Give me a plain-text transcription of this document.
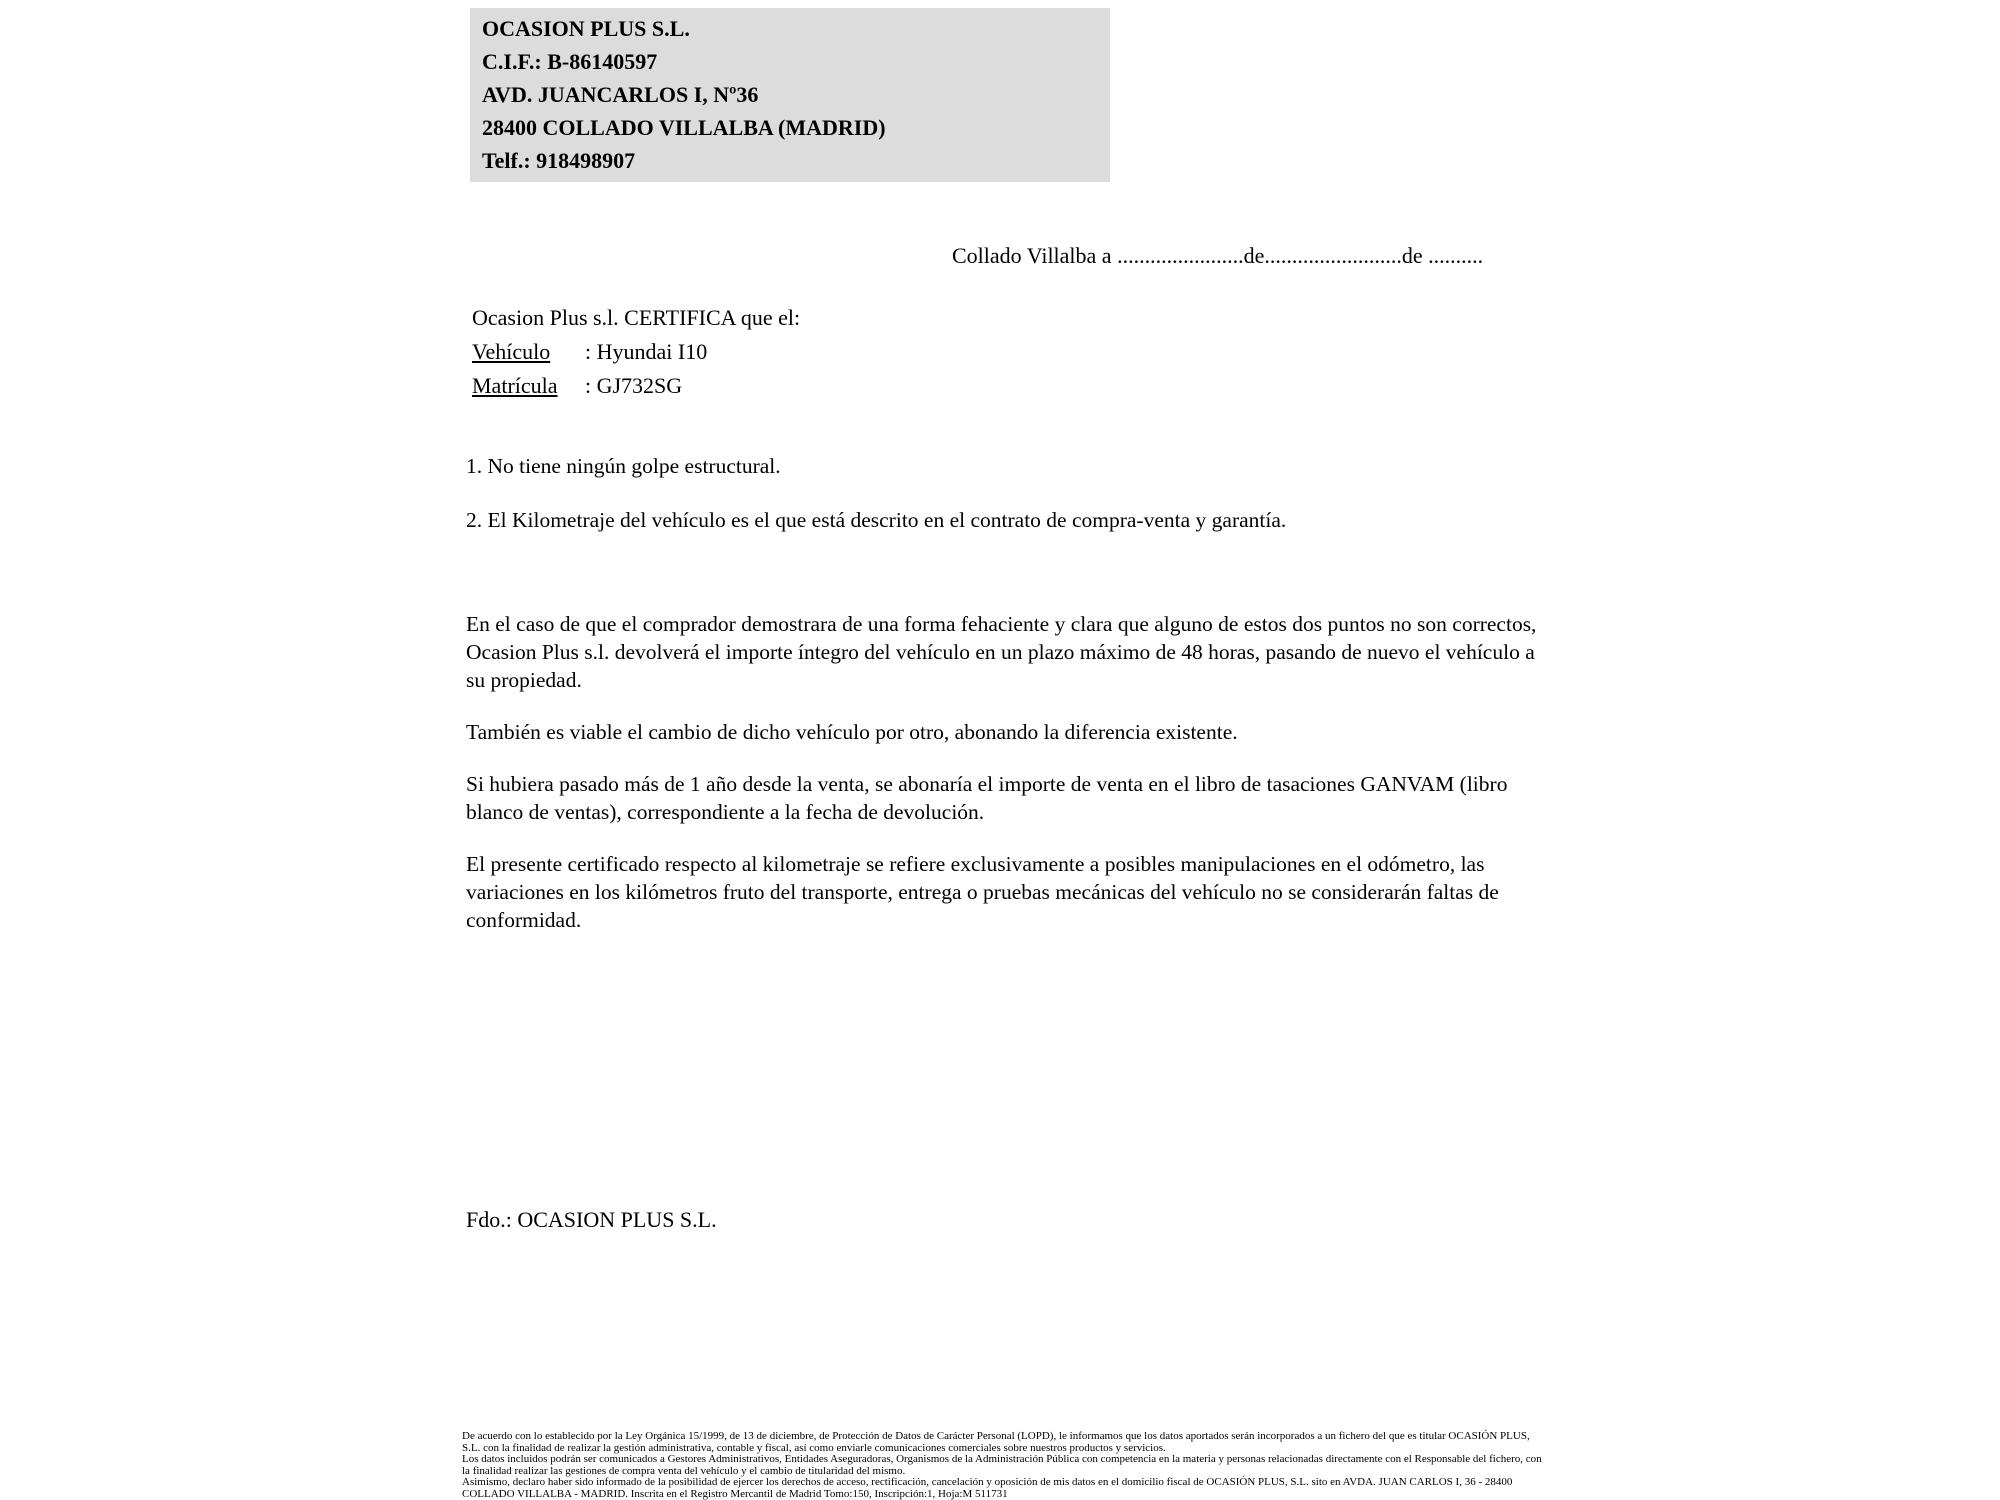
OCASION PLUS S.L.
C.I.F.: B-86140597
AVD. JUANCARLOS I, Nº36
28400 COLLADO VILLALBA (MADRID)
Telf.: 918498907
Collado Villalba a .......................de.........................de ..........
Ocasion Plus s.l. CERTIFICA que el:
Vehículo : Hyundai I10
Matrícula : GJ732SG

1. No tiene ningún golpe estructural.

2. El Kilometraje del vehículo es el que está descrito en el contrato de compra-venta y garantía.

En el caso de que el comprador demostrara de una forma fehaciente y clara que alguno de estos dos puntos no son correctos, Ocasion Plus s.l. devolverá el importe íntegro del vehículo en un plazo máximo de 48 horas, pasando de nuevo el vehículo a su propiedad.

También es viable el cambio de dicho vehículo por otro, abonando la diferencia existente.

Si hubiera pasado más de 1 año desde la venta, se abonaría el importe de venta en el libro de tasaciones GANVAM (libro blanco de ventas), correspondiente a la fecha de devolución.

El presente certificado respecto al kilometraje se refiere exclusivamente a posibles manipulaciones en el odómetro, las variaciones en los kilómetros fruto del transporte, entrega o pruebas mecánicas del vehículo no se considerarán faltas de conformidad.

Fdo.: OCASION PLUS S.L.

De acuerdo con lo establecido por la Ley Orgánica 15/1999, de 13 de diciembre, de Protección de Datos de Carácter Personal (LOPD), le informamos que los datos aportados serán incorporados a un fichero del que es titular OCASIÓN PLUS, S.L. con la finalidad de realizar la gestión administrativa, contable y fiscal, así como enviarle comunicaciones comerciales sobre nuestros productos y servicios.

Los datos incluidos podrán ser comunicados a Gestores Administrativos, Entidades Aseguradoras, Organismos de la Administración Pública con competencia en la materia y personas relacionadas directamente con el Responsable del fichero, con la finalidad realizar las gestiones de compra venta del vehículo y el cambio de titularidad del mismo.

Asimismo, declaro haber sido informado de la posibilidad de ejercer los derechos de acceso, rectificación, cancelación y oposición de mis datos en el domicilio fiscal de OCASIÓN PLUS, S.L. sito en AVDA. JUAN CARLOS I, 36 - 28400 COLLADO VILLALBA - MADRID. Inscrita en el Registro Mercantil de Madrid Tomo:150, Inscripción:1, Hoja:M 511731
